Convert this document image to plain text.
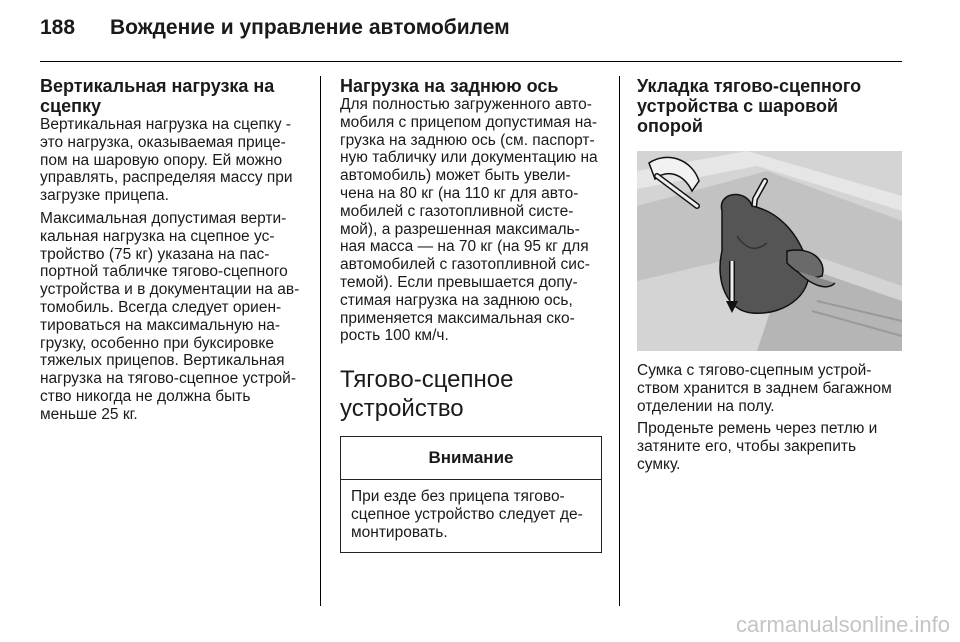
188 Вождение и управление автомобилем
Вертикальная нагрузка на
сцепку

Вертикальная нагрузка на сцепку -
это нагрузка, оказываемая прице-
пом на шаровую опору. Ей можно
управлять, распределяя массу при
загрузке прицепа.

Максимальная допустимая верти-
кальная нагрузка на сцепное ус-
тройство (75 кг) указана на пас-
портной табличке тягово-сцепного
устройства и в документации на ав-
томобиль. Всегда следует ориен-
тироваться на максимальную на-
грузку, особенно при буксировке
тяжелых прицепов. Вертикальная
нагрузка на тягово-сцепное устрой-
ство никогда не должна быть
меньше 25 кг.

Нагрузка на заднюю ось

Для полностью загруженного авто-
мобиля с прицепом допустимая на-
грузка на заднюю ось (см. паспорт-
ную табличку или документацию на
автомобиль) может быть увели-
чена на 80 кг (на 110 кг для авто-
мобилей с газотопливной систе-
мой), а разрешенная максималь-
ная масса — на 70 кг (на 95 кг для
автомобилей с газотопливной сис-
темой). Если превышается допу-
стимая нагрузка на заднюю ось,
применяется максимальная ско-
рость 100 км/ч.

Тягово-сцепное
устройство
Внимание
При езде без прицепа тягово-
сцепное устройство следует де-
монтировать.
Укладка тягово-сцепного
устройства с шаровой опорой

Сумка с тягово-сцепным устрой-
ством хранится в заднем багажном
отделении на полу.

Проденьте ремень через петлю и
затяните его, чтобы закрепить
сумку.

carmanualsonline.info
